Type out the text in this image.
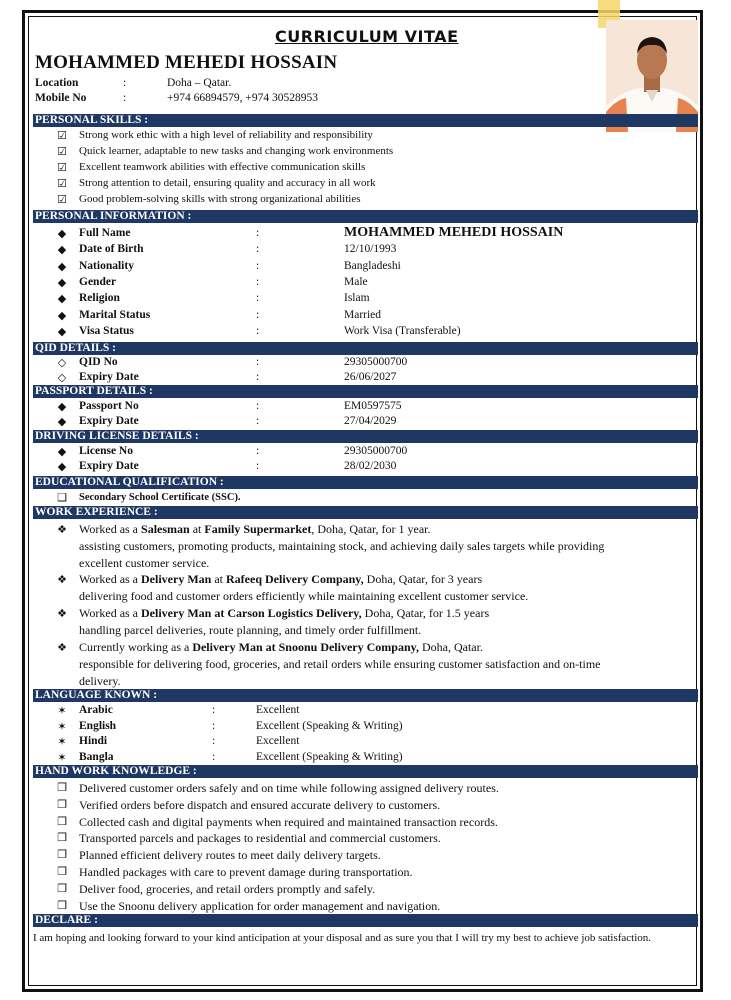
CURRICULUM VITAE
MOHAMMED MEHEDI HOSSAIN
Location	:	Doha – Qatar.
Mobile No	:	+974 66894579, +974 30528953
PERSONAL SKILLS :
☑ Strong work ethic with a high level of reliability and responsibility
☑ Quick learner, adaptable to new tasks and changing work environments
☑ Excellent teamwork abilities with effective communication skills
☑ Strong attention to detail, ensuring quality and accuracy in all work
☑ Good problem-solving skills with strong organizational abilities
PERSONAL INFORMATION :
◆ Full Name	:	MOHAMMED MEHEDI HOSSAIN
◆ Date of Birth	:	12/10/1993
◆ Nationality	:	Bangladeshi
◆ Gender	:	Male
◆ Religion	:	Islam
◆ Marital Status	:	Married
◆ Visa Status	:	Work Visa (Transferable)
QID DETAILS :
◇ QID No	:	29305000700
◇ Expiry Date	:	26/06/2027
PASSPORT DETAILS :
◆ Passport No	:	EM0597575
◆ Expiry Date	:	27/04/2029
DRIVING LICENSE DETAILS :
◆ License No	:	29305000700
◆ Expiry Date	:	28/02/2030
EDUCATIONAL QUALIFICATION :
❑ Secondary School Certificate (SSC).
WORK EXPERIENCE :
❖ Worked as a Salesman at Family Supermarket, Doha, Qatar, for 1 year.
assisting customers, promoting products, maintaining stock, and achieving daily sales targets while providing
excellent customer service.
❖ Worked as a Delivery Man at Rafeeq Delivery Company, Doha, Qatar, for 3 years
delivering food and customer orders efficiently while maintaining excellent customer service.
❖ Worked as a Delivery Man at Carson Logistics Delivery, Doha, Qatar, for 1.5 years
handling parcel deliveries, route planning, and timely order fulfillment.
❖ Currently working as a Delivery Man at Snoonu Delivery Company, Doha, Qatar.
responsible for delivering food, groceries, and retail orders while ensuring customer satisfaction and on-time
delivery.
LANGUAGE KNOWN :
✶ Arabic	:	Excellent
✶ English	:	Excellent (Speaking & Writing)
✶ Hindi	:	Excellent
✶ Bangla	:	Excellent (Speaking & Writing)
HAND WORK KNOWLEDGE :
❒ Delivered customer orders safely and on time while following assigned delivery routes.
❒ Verified orders before dispatch and ensured accurate delivery to customers.
❒ Collected cash and digital payments when required and maintained transaction records.
❒ Transported parcels and packages to residential and commercial customers.
❒ Planned efficient delivery routes to meet daily delivery targets.
❒ Handled packages with care to prevent damage during transportation.
❒ Deliver food, groceries, and retail orders promptly and safely.
❒ Use the Snoonu delivery application for order management and navigation.
DECLARE :
I am hoping and looking forward to your kind anticipation at your disposal and as sure you that I will try my best to achieve job satisfaction.
